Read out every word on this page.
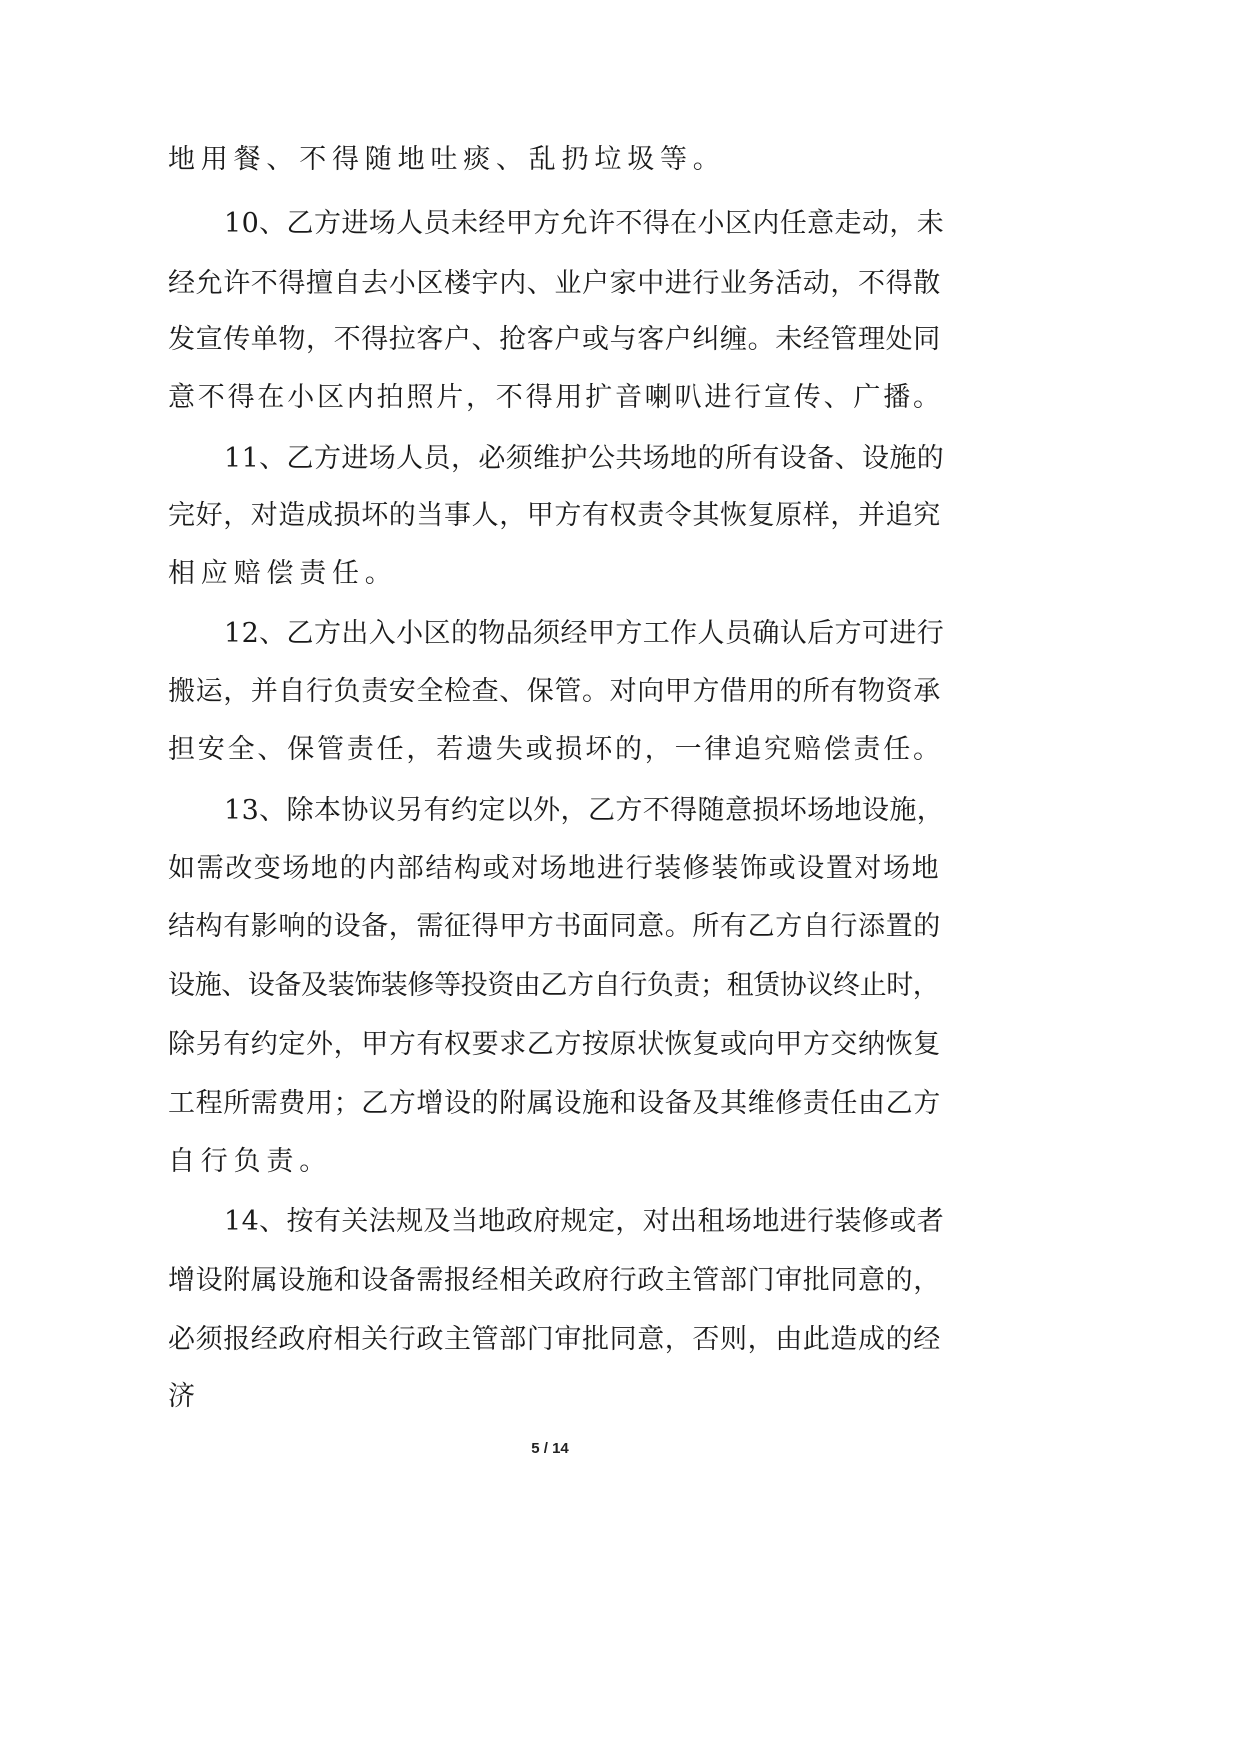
地用餐、不得随地吐痰、乱扔垃圾等。
10、乙方进场人员未经甲方允许不得在小区内任意走动，未
经允许不得擅自去小区楼宇内、业户家中进行业务活动，不得散
发宣传单物，不得拉客户、抢客户或与客户纠缠。未经管理处同
意不得在小区内拍照片，不得用扩音喇叭进行宣传、广播。
11、乙方进场人员，必须维护公共场地的所有设备、设施的
完好，对造成损坏的当事人，甲方有权责令其恢复原样，并追究
相应赔偿责任。
12、乙方出入小区的物品须经甲方工作人员确认后方可进行
搬运，并自行负责安全检查、保管。对向甲方借用的所有物资承
担安全、保管责任，若遗失或损坏的，一律追究赔偿责任。
13、除本协议另有约定以外，乙方不得随意损坏场地设施，
如需改变场地的内部结构或对场地进行装修装饰或设置对场地
结构有影响的设备，需征得甲方书面同意。所有乙方自行添置的
设施、设备及装饰装修等投资由乙方自行负责；租赁协议终止时，
除另有约定外，甲方有权要求乙方按原状恢复或向甲方交纳恢复
工程所需费用；乙方增设的附属设施和设备及其维修责任由乙方
自行负责。
14、按有关法规及当地政府规定，对出租场地进行装修或者
增设附属设施和设备需报经相关政府行政主管部门审批同意的，
必须报经政府相关行政主管部门审批同意，否则，由此造成的经
济
5 / 14
